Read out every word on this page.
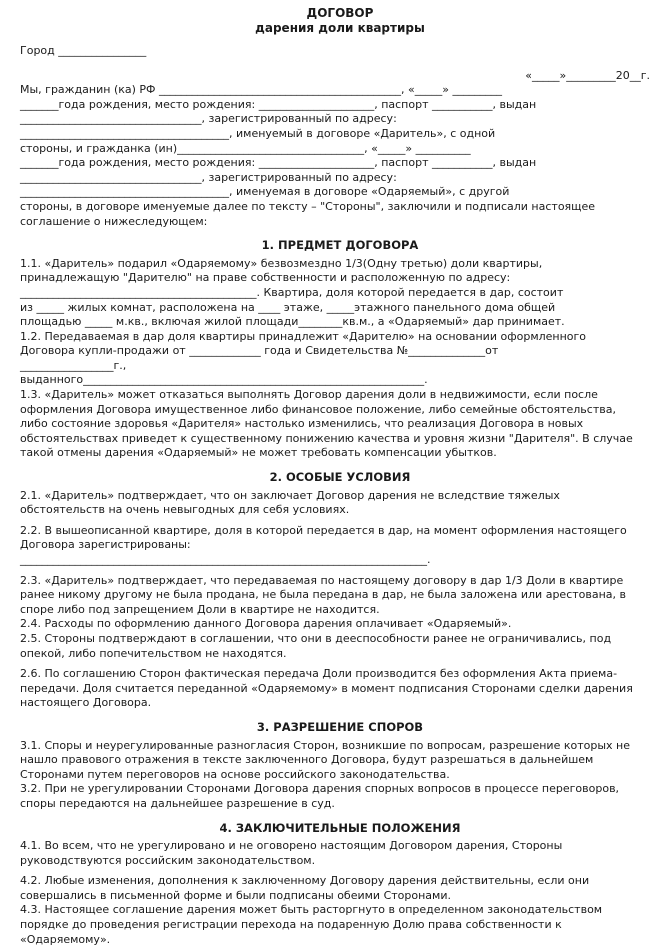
ДОГОВОР
дарения доли квартиры
Город ________________
«_____»_________20__г.

Мы, гражданин (ка) РФ ____________________________________________, «_____» _________

_______года рождения, место рождения: _____________________, паспорт ___________, выдан

_________________________________, зарегистрированный по адресу:

______________________________________, именуемый в договоре «Даритель», с одной

стороны, и гражданка (ин)__________________________________, «_____» __________

_______года рождения, место рождения: _____________________, паспорт ___________, выдан

_________________________________, зарегистрированный по адресу:

______________________________________, именуемая в договоре «Одаряемый», с другой

стороны, в договоре именуемые далее по тексту – "Стороны", заключили и подписали настоящее

соглашение о нижеследующем:

1. ПРЕДМЕТ ДОГОВОРА

1.1. «Даритель» подарил «Одаряемому» безвозмездно 1/3(Одну третью) доли квартиры,

принадлежащую "Дарителю" на праве собственности и расположенную по адресу:

___________________________________________. Квартира, доля которой передается в дар, состоит

из _____ жилых комнат, расположена на ____ этаже, _____этажного панельного дома общей

площадью _____ м.кв., включая жилой площади________кв.м., а «Одаряемый» дар принимает.

1.2. Передаваемая в дар доля квартиры принадлежит «Дарителю» на основании оформленного

Договора купли-продажи от _____________ года и Свидетельства №______________от

_________________г.,

выданного______________________________________________________________.

1.3. «Даритель» может отказаться выполнять Договор дарения доли в недвижимости, если после

оформления Договора имущественное либо финансовое положение, либо семейные обстоятельства,

либо состояние здоровья «Дарителя» настолько изменились, что реализация Договора в новых

обстоятельствах приведет к существенному понижению качества и уровня жизни "Дарителя". В случае

такой отмены дарения «Одаряемый» не может требовать компенсации убытков.

2. ОСОБЫЕ УСЛОВИЯ

2.1. «Даритель» подтверждает, что он заключает Договор дарения не вследствие тяжелых
обстоятельств на очень невыгодных для себя условиях.

2.2. В вышеописанной квартире, доля в которой передается в дар, на момент оформления настоящего
Договора зарегистрированы:
__________________________________________________________________________.

2.3. «Даритель» подтверждает, что передаваемая по настоящему договору в дар 1/3 Доли в квартире
ранее никому другому не была продана, не была передана в дар, не была заложена или арестована, в
споре либо под запрещением Доли в квартире не находится.
2.4. Расходы по оформлению данного Договора дарения оплачивает «Одаряемый».
2.5. Стороны подтверждают в соглашении, что они в дееспособности ранее не ограничивались, под
опекой, либо попечительством не находятся.

2.6. По соглашению Сторон фактическая передача Доли производится без оформления Акта приема-
передачи. Доля считается переданной «Одаряемому» в момент подписания Сторонами сделки дарения
настоящего Договора.

3. РАЗРЕШЕНИЕ СПОРОВ

3.1. Споры и неурегулированные разногласия Сторон, возникшие по вопросам, разрешение которых не
нашло правового отражения в тексте заключенного Договора, будут разрешаться в дальнейшем
Сторонами путем переговоров на основе российского законодательства.
3.2. При не урегулировании Сторонами Договора дарения спорных вопросов в процессе переговоров,
споры передаются на дальнейшее разрешение в суд.

4. ЗАКЛЮЧИТЕЛЬНЫЕ ПОЛОЖЕНИЯ

4.1. Во всем, что не урегулировано и не оговорено настоящим Договором дарения, Стороны
руководствуются российским законодательством.

4.2. Любые изменения, дополнения к заключенному Договору дарения действительны, если они
совершались в письменной форме и были подписаны обеими Сторонами.
4.3. Настоящее соглашение дарения может быть расторгнуто в определенном законодательством
порядке до проведения регистрации перехода на подаренную Долю права собственности к
«Одаряемому».
